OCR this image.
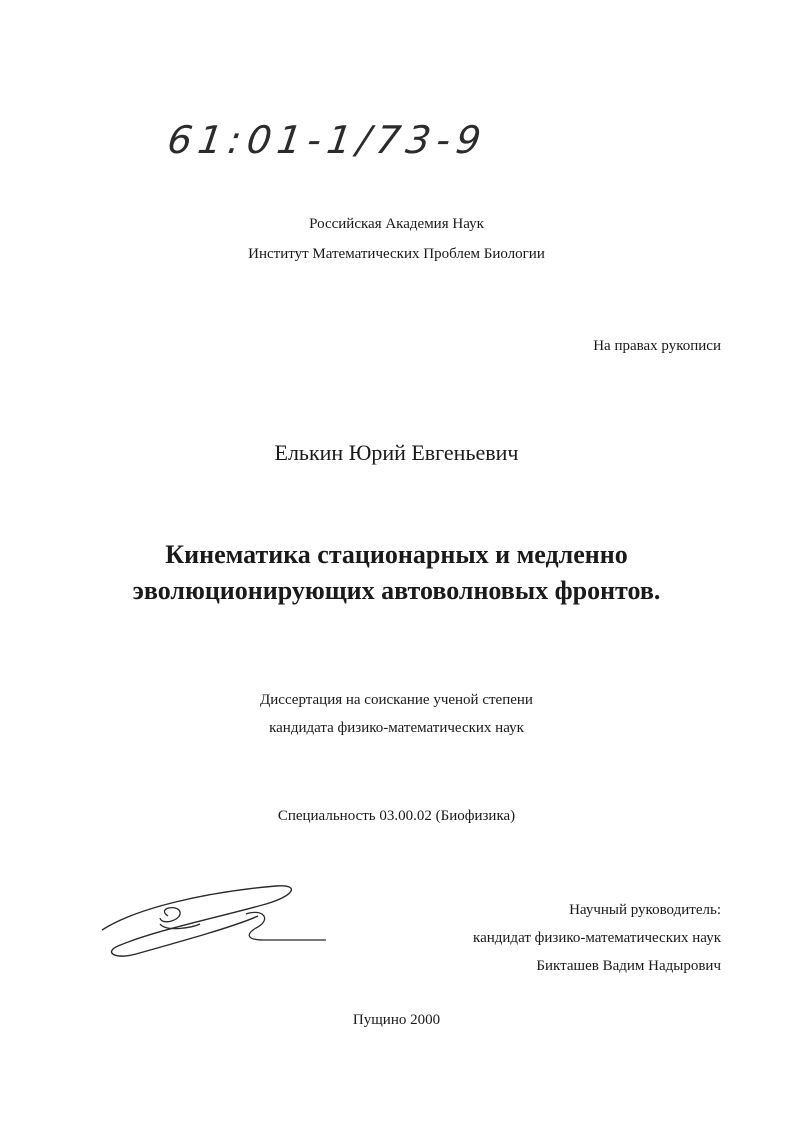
61:01-1/73-9
Российская Академия Наук
Институт Математических Проблем Биологии
На правах рукописи
Елькин Юрий Евгеньевич
Кинематика стационарных и медленно
эволюционирующих автоволновых фронтов.
Диссертация на соискание ученой степени
кандидата физико-математических наук
Специальность 03.00.02 (Биофизика)
Научный руководитель:
кандидат физико-математических наук
Бикташев Вадим Надырович
Пущино 2000
